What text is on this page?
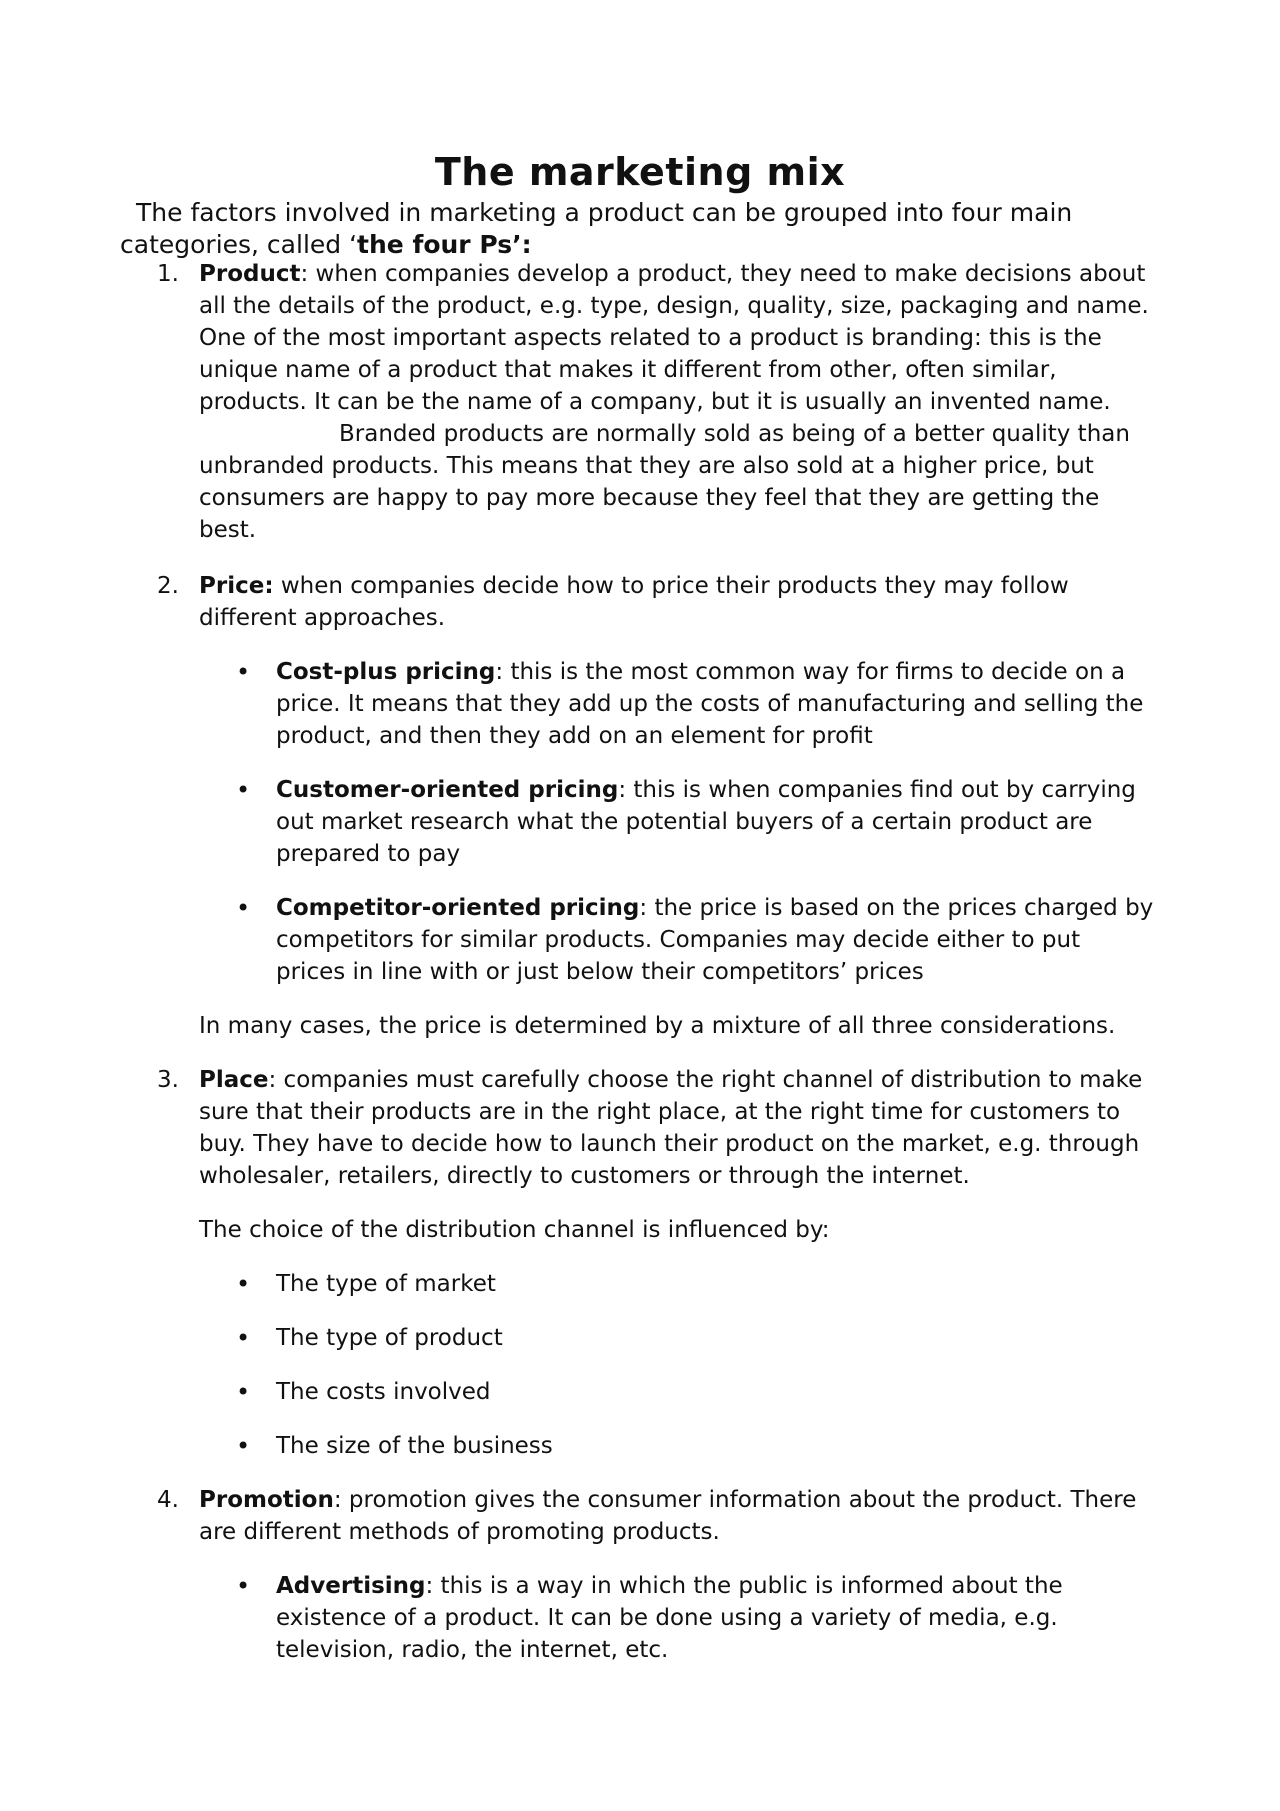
The marketing mix

The factors involved in marketing a product can be grouped into four main
categories, called ‘the four Ps’:

1. Product: when companies develop a product, they need to make decisions about all the details of the product, e.g. type, design, quality, size, packaging and name. One of the most important aspects related to a product is branding: this is the unique name of a product that makes it different from other, often similar, products. It can be the name of a company, but it is usually an invented name.Branded products are normally sold as being of a better quality than unbranded products. This means that they are also sold at a higher price, but consumers are happy to pay more because they feel that they are getting the best.
2. Price: when companies decide how to price their products they may follow different approaches.
• Cost-plus pricing: this is the most common way for firms to decide on a price. It means that they add up the costs of manufacturing and selling the product, and then they add on an element for profit
• Customer-oriented pricing: this is when companies find out by carrying out market research what the potential buyers of a certain product are prepared to pay
• Competitor-oriented pricing: the price is based on the prices charged by competitors for similar products. Companies may decide either to put prices in line with or just below their competitors’ prices
In many cases, the price is determined by a mixture of all three considerations.
3. Place: companies must carefully choose the right channel of distribution to make sure that their products are in the right place, at the right time for customers to buy. They have to decide how to launch their product on the market, e.g. through wholesaler, retailers, directly to customers or through the internet.
The choice of the distribution channel is influenced by:
• The type of market
• The type of product
• The costs involved
• The size of the business
4. Promotion: promotion gives the consumer information about the product. There are different methods of promoting products.
• Advertising: this is a way in which the public is informed about the existence of a product. It can be done using a variety of media, e.g. television, radio, the internet, etc.
